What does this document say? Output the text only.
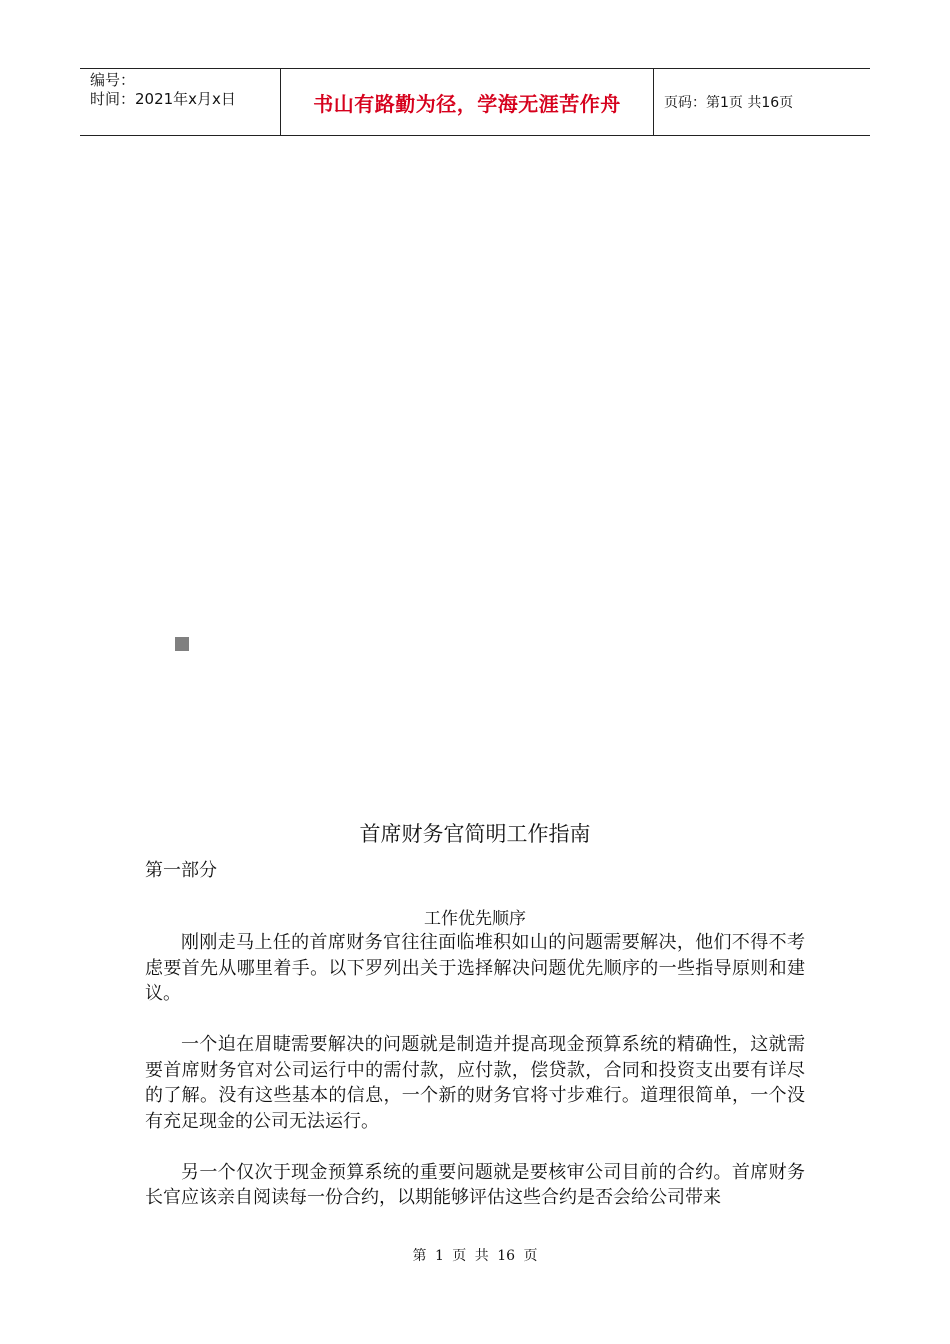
编号：
时间：2021年x月x日	书山有路勤为径，学海无涯苦作舟	页码：第1页 共16页
首席财务官简明工作指南
第一部分
工作优先顺序

刚刚走马上任的首席财务官往往面临堆积如山的问题需要解决，他们不得不考虑要首先从哪里着手。以下罗列出关于选择解决问题优先顺序的一些指导原则和建议。

一个迫在眉睫需要解决的问题就是制造并提高现金预算系统的精确性，这就需要首席财务官对公司运行中的需付款，应付款，偿贷款，合同和投资支出要有详尽的了解。没有这些基本的信息，一个新的财务官将寸步难行。道理很简单，一个没有充足现金的公司无法运行。

另一个仅次于现金预算系统的重要问题就是要核审公司目前的合约。首席财务长官应该亲自阅读每一份合约，以期能够评估这些合约是否会给公司带来

第 1 页 共 16 页
